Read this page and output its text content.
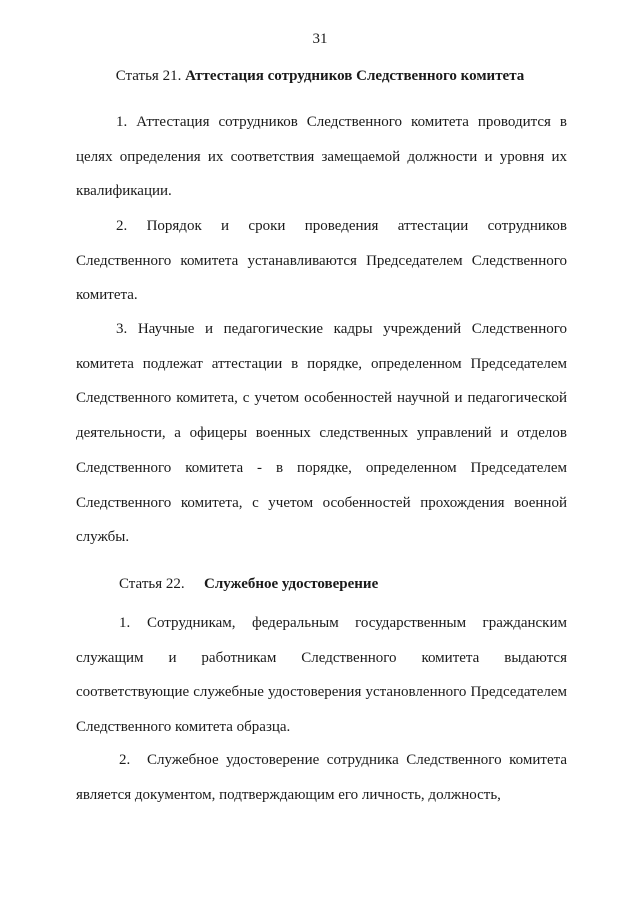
31
Статья 21. Аттестация сотрудников Следственного комитета

1. Аттестация сотрудников Следственного комитета проводится в целях определения их соответствия замещаемой должности и уровня их квалификации.

2. Порядок и сроки проведения аттестации сотрудников Следственного комитета устанавливаются Председателем Следственного комитета.

3. Научные и педагогические кадры учреждений Следственного комитета подлежат аттестации в порядке, определенном Председателем Следственного комитета, с учетом особенностей научной и педагогической деятельности, а офицеры военных следственных управлений и отделов Следственного комитета - в порядке, определенном Председателем Следственного комитета, с учетом особенностей прохождения военной службы.

Статья 22. Служебное удостоверение

1. Сотрудникам, федеральным государственным гражданским служащим и работникам Следственного комитета выдаются соответствующие служебные удостоверения установленного Председателем Следственного комитета образца.

2. Служебное удостоверение сотрудника Следственного комитета является документом, подтверждающим его личность, должность,
